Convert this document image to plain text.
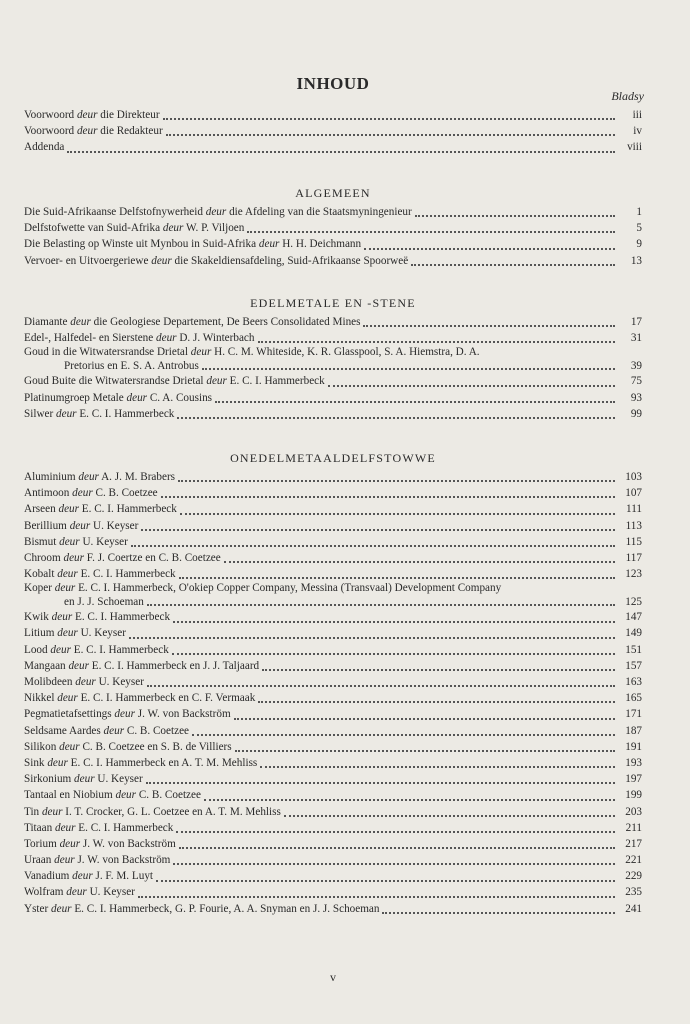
INHOUD
Bladsy
Voorwoord deur die Direkteur	iii
Voorwoord deur die Redakteur	iv
Addenda	viii
ALGEMEEN
Die Suid-Afrikaanse Delfstofnywerheid deur die Afdeling van die Staatsmyningenieur	1
Delfstofwette van Suid-Afrika deur W. P. Viljoen	5
Die Belasting op Winste uit Mynbou in Suid-Afrika deur H. H. Deichmann	9
Vervoer- en Uitvoergeriewe deur die Skakeldiensafdeling, Suid-Afrikaanse Spoorweë	13
EDELMETALE EN -STENE
Diamante deur die Geologiese Departement, De Beers Consolidated Mines	17
Edel-, Halfedel- en Sierstene deur D. J. Winterbach	31
Goud in die Witwatersrandse Drietal deur H. C. M. Whiteside, K. R. Glasspool, S. A. Hiemstra, D. A.
Pretorius en E. S. A. Antrobus	39
Goud Buite die Witwatersrandse Drietal deur E. C. I. Hammerbeck	75
Platinumgroep Metale deur C. A. Cousins	93
Silwer deur E. C. I. Hammerbeck	99
ONEDELMETAALDELFSTOWWE
Aluminium deur A. J. M. Brabers	103
Antimoon deur C. B. Coetzee	107
Arseen deur E. C. I. Hammerbeck	111
Berillium deur U. Keyser	113
Bismut deur U. Keyser	115
Chroom deur F. J. Coertze en C. B. Coetzee	117
Kobalt deur E. C. I. Hammerbeck	123
Koper deur E. C. I. Hammerbeck, O'okiep Copper Company, Messina (Transvaal) Development Company
en J. J. Schoeman	125
Kwik deur E. C. I. Hammerbeck	147
Litium deur U. Keyser	149
Lood deur E. C. I. Hammerbeck	151
Mangaan deur E. C. I. Hammerbeck en J. J. Taljaard	157
Molibdeen deur U. Keyser	163
Nikkel deur E. C. I. Hammerbeck en C. F. Vermaak	165
Pegmatietafsettings deur J. W. von Backström	171
Seldsame Aardes deur C. B. Coetzee	187
Silikon deur C. B. Coetzee en S. B. de Villiers	191
Sink deur E. C. I. Hammerbeck en A. T. M. Mehliss	193
Sirkonium deur U. Keyser	197
Tantaal en Niobium deur C. B. Coetzee	199
Tin deur I. T. Crocker, G. L. Coetzee en A. T. M. Mehliss	203
Titaan deur E. C. I. Hammerbeck	211
Torium deur J. W. von Backström	217
Uraan deur J. W. von Backström	221
Vanadium deur J. F. M. Luyt	229
Wolfram deur U. Keyser	235
Yster deur E. C. I. Hammerbeck, G. P. Fourie, A. A. Snyman en J. J. Schoeman	241
v
